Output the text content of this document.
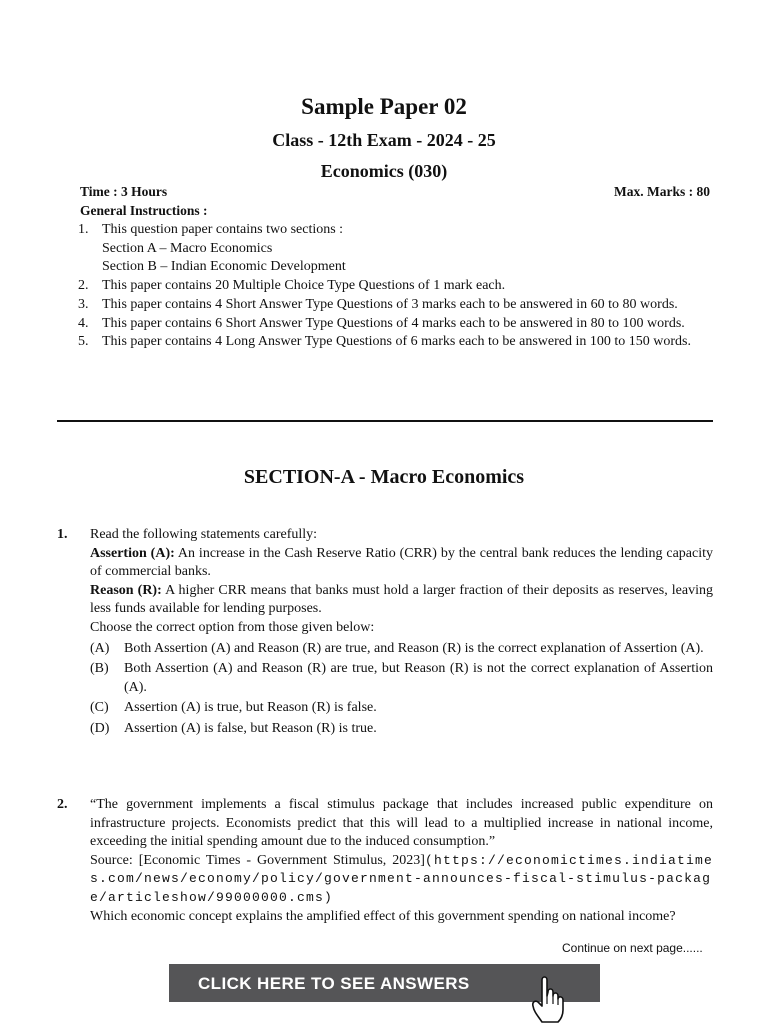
Sample Paper 02
Class - 12th Exam - 2024 - 25
Economics (030)
Time : 3 Hours	Max. Marks : 80
General Instructions :
1. This question paper contains two sections :
Section A – Macro Economics
Section B – Indian Economic Development
2. This paper contains 20 Multiple Choice Type Questions of 1 mark each.
3. This paper contains 4 Short Answer Type Questions of 3 marks each to be answered in 60 to 80 words.
4. This paper contains 6 Short Answer Type Questions of 4 marks each to be answered in 80 to 100 words.
5. This paper contains 4 Long Answer Type Questions of 6 marks each to be answered in 100 to 150 words.
SECTION-A - Macro Economics
1.	Read the following statements carefully:
Assertion (A): An increase in the Cash Reserve Ratio (CRR) by the central bank reduces the lending capacity of commercial banks.
Reason (R): A higher CRR means that banks must hold a larger fraction of their deposits as reserves, leaving less funds available for lending purposes.
Choose the correct option from those given below:
(A)	Both Assertion (A) and Reason (R) are true, and Reason (R) is the correct explanation of Assertion (A).
(B)	Both Assertion (A) and Reason (R) are true, but Reason (R) is not the correct explanation of Assertion (A).
(C)	Assertion (A) is true, but Reason (R) is false.
(D)	Assertion (A) is false, but Reason (R) is true.
2.	“The government implements a fiscal stimulus package that includes increased public expenditure on infrastructure projects. Economists predict that this will lead to a multiplied increase in national income, exceeding the initial spending amount due to the induced consumption.”
Source: [Economic Times - Government Stimulus, 2023](https://economictimes.indiatimes.com/news/economy/policy/government-announces-fiscal-stimulus-package/articleshow/99000000.cms)
Which economic concept explains the amplified effect of this government spending on national income?
Continue on next page......
CLICK HERE TO SEE ANSWERS
